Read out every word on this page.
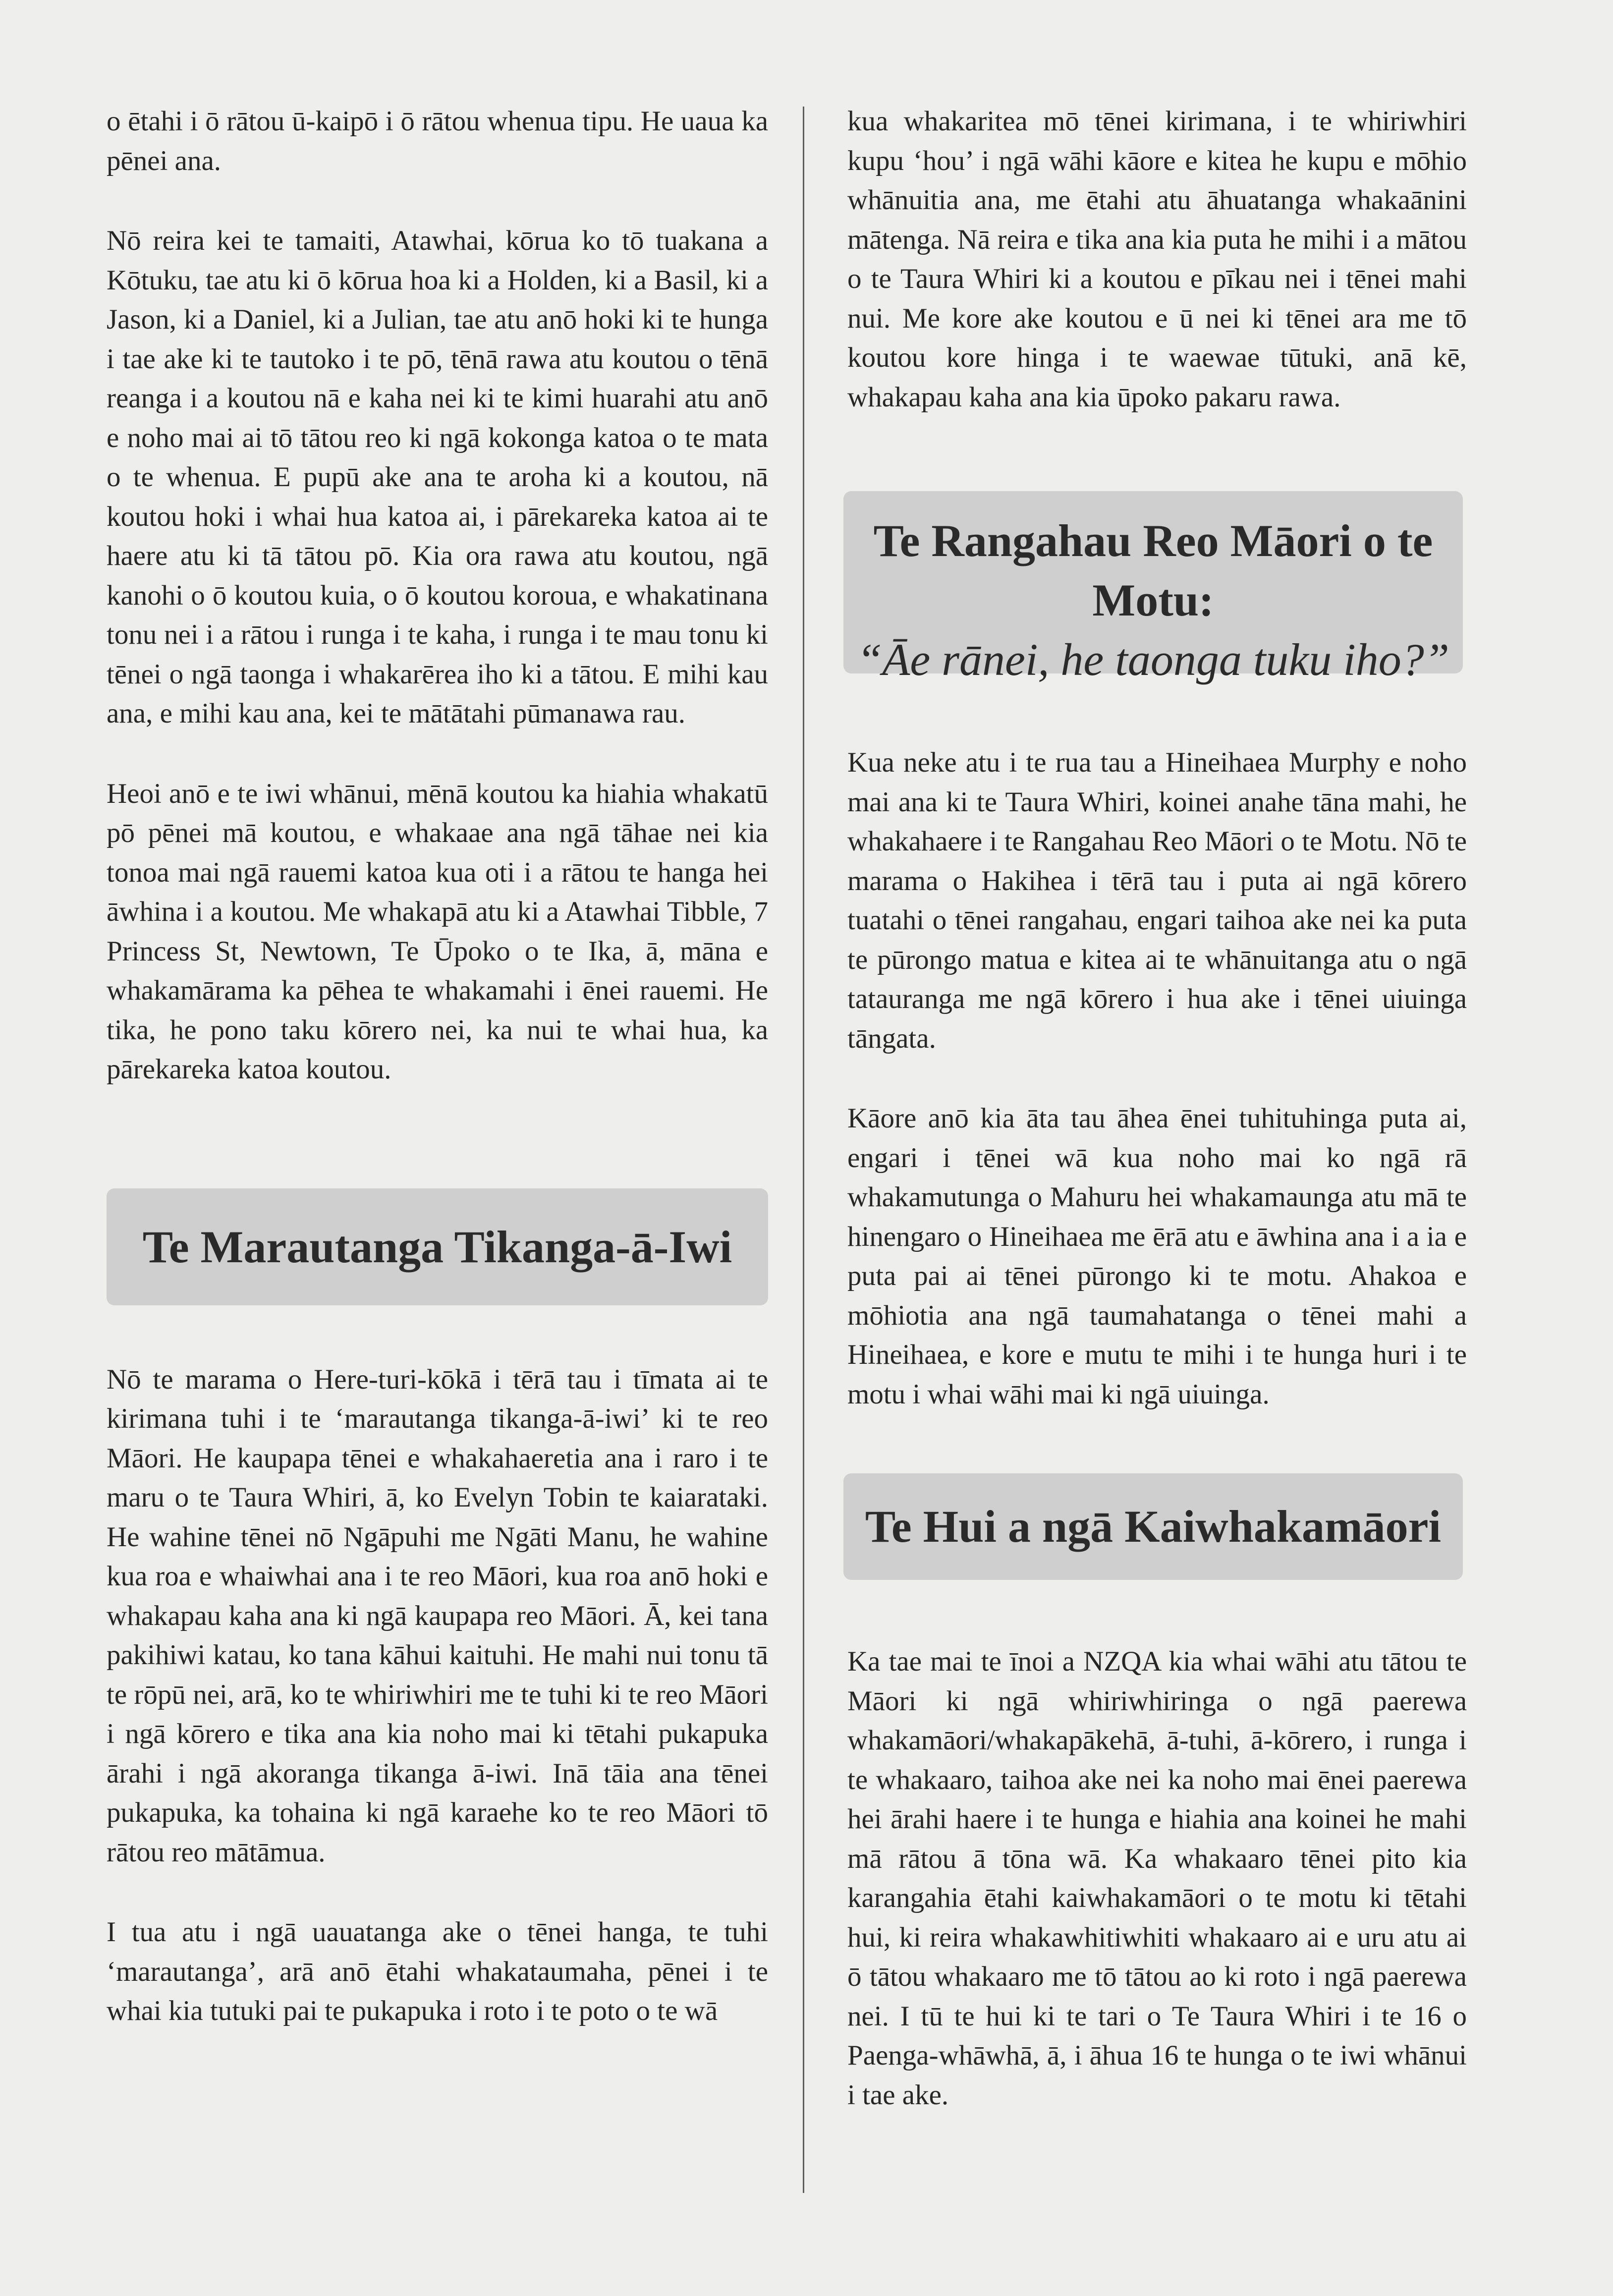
o ētahi i ō rātou ū-kaipō i ō rātou whenua tipu. He uaua ka pēnei ana.

Nō reira kei te tamaiti, Atawhai, kōrua ko tō tuakana a Kōtuku, tae atu ki ō kōrua hoa ki a Holden, ki a Basil, ki a Jason, ki a Daniel, ki a Julian, tae atu anō hoki ki te hunga i tae ake ki te tautoko i te pō, tēnā rawa atu koutou o tēnā reanga i a koutou nā e kaha nei ki te kimi huarahi atu anō e noho mai ai tō tātou reo ki ngā kokonga katoa o te mata o te whenua. E pupū ake ana te aroha ki a koutou, nā koutou hoki i whai hua katoa ai, i pārekareka katoa ai te haere atu ki tā tātou pō. Kia ora rawa atu koutou, ngā kanohi o ō koutou kuia, o ō koutou koroua, e whakatinana tonu nei i a rātou i runga i te kaha, i runga i te mau tonu ki tēnei o ngā taonga i whakarērea iho ki a tātou. E mihi kau ana, e mihi kau ana, kei te mātātahi pūmanawa rau.

Heoi anō e te iwi whānui, mēnā koutou ka hiahia whakatū pō pēnei mā koutou, e whakaae ana ngā tāhae nei kia tonoa mai ngā rauemi katoa kua oti i a rātou te hanga hei āwhina i a koutou. Me whakapā atu ki a Atawhai Tibble, 7 Princess St, Newtown, Te Ūpoko o te Ika, ā, māna e whakamārama ka pēhea te whakamahi i ēnei rauemi. He tika, he pono taku kōrero nei, ka nui te whai hua, ka pārekareka katoa koutou.

Te Marautanga Tikanga-ā-Iwi

Nō te marama o Here-turi-kōkā i tērā tau i tīmata ai te kirimana tuhi i te ‘marautanga tikanga-ā-iwi’ ki te reo Māori. He kaupapa tēnei e whakahaeretia ana i raro i te maru o te Taura Whiri, ā, ko Evelyn Tobin te kaiarataki. He wahine tēnei nō Ngāpuhi me Ngāti Manu, he wahine kua roa e whaiwhai ana i te reo Māori, kua roa anō hoki e whakapau kaha ana ki ngā kaupapa reo Māori. Ā, kei tana pakihiwi katau, ko tana kāhui kaituhi. He mahi nui tonu tā te rōpū nei, arā, ko te whiriwhiri me te tuhi ki te reo Māori i ngā kōrero e tika ana kia noho mai ki tētahi pukapuka ārahi i ngā akoranga tikanga ā-iwi. Inā tāia ana tēnei pukapuka, ka tohaina ki ngā karaehe ko te reo Māori tō rātou reo mātāmua.

I tua atu i ngā uauatanga ake o tēnei hanga, te tuhi ‘marautanga’, arā anō ētahi whakataumaha, pēnei i te whai kia tutuki pai te pukapuka i roto i te poto o te wā

kua whakaritea mō tēnei kirimana, i te whiriwhiri kupu ‘hou’ i ngā wāhi kāore e kitea he kupu e mōhio whānuitia ana, me ētahi atu āhuatanga whakaānini mātenga. Nā reira e tika ana kia puta he mihi i a mātou o te Taura Whiri ki a koutou e pīkau nei i tēnei mahi nui. Me kore ake koutou e ū nei ki tēnei ara me tō koutou kore hinga i te waewae tūtuki, anā kē, whakapau kaha ana kia ūpoko pakaru rawa.

Te Rangahau Reo Māori o te
Motu:
“Āe rānei, he taonga tuku iho?”

Kua neke atu i te rua tau a Hineihaea Murphy e noho mai ana ki te Taura Whiri, koinei anahe tāna mahi, he whakahaere i te Rangahau Reo Māori o te Motu. Nō te marama o Hakihea i tērā tau i puta ai ngā kōrero tuatahi o tēnei rangahau, engari taihoa ake nei ka puta te pūrongo matua e kitea ai te whānuitanga atu o ngā tatauranga me ngā kōrero i hua ake i tēnei uiuinga tāngata.

Kāore anō kia āta tau āhea ēnei tuhituhinga puta ai, engari i tēnei wā kua noho mai ko ngā rā whakamutunga o Mahuru hei whakamaunga atu mā te hinengaro o Hineihaea me ērā atu e āwhina ana i a ia e puta pai ai tēnei pūrongo ki te motu. Ahakoa e mōhiotia ana ngā taumahatanga o tēnei mahi a Hineihaea, e kore e mutu te mihi i te hunga huri i te motu i whai wāhi mai ki ngā uiuinga.

Te Hui a ngā Kaiwhakamāori

Ka tae mai te īnoi a NZQA kia whai wāhi atu tātou te Māori ki ngā whiriwhiringa o ngā paerewa whakamāori/whakapākehā, ā-tuhi, ā-kōrero, i runga i te whakaaro, taihoa ake nei ka noho mai ēnei paerewa hei ārahi haere i te hunga e hiahia ana koinei he mahi mā rātou ā tōna wā. Ka whakaaro tēnei pito kia karangahia ētahi kaiwhakamāori o te motu ki tētahi hui, ki reira whakawhitiwhiti whakaaro ai e uru atu ai ō tātou whakaaro me tō tātou ao ki roto i ngā paerewa nei. I tū te hui ki te tari o Te Taura Whiri i te 16 o Paenga-whāwhā, ā, i āhua 16 te hunga o te iwi whānui i tae ake.
